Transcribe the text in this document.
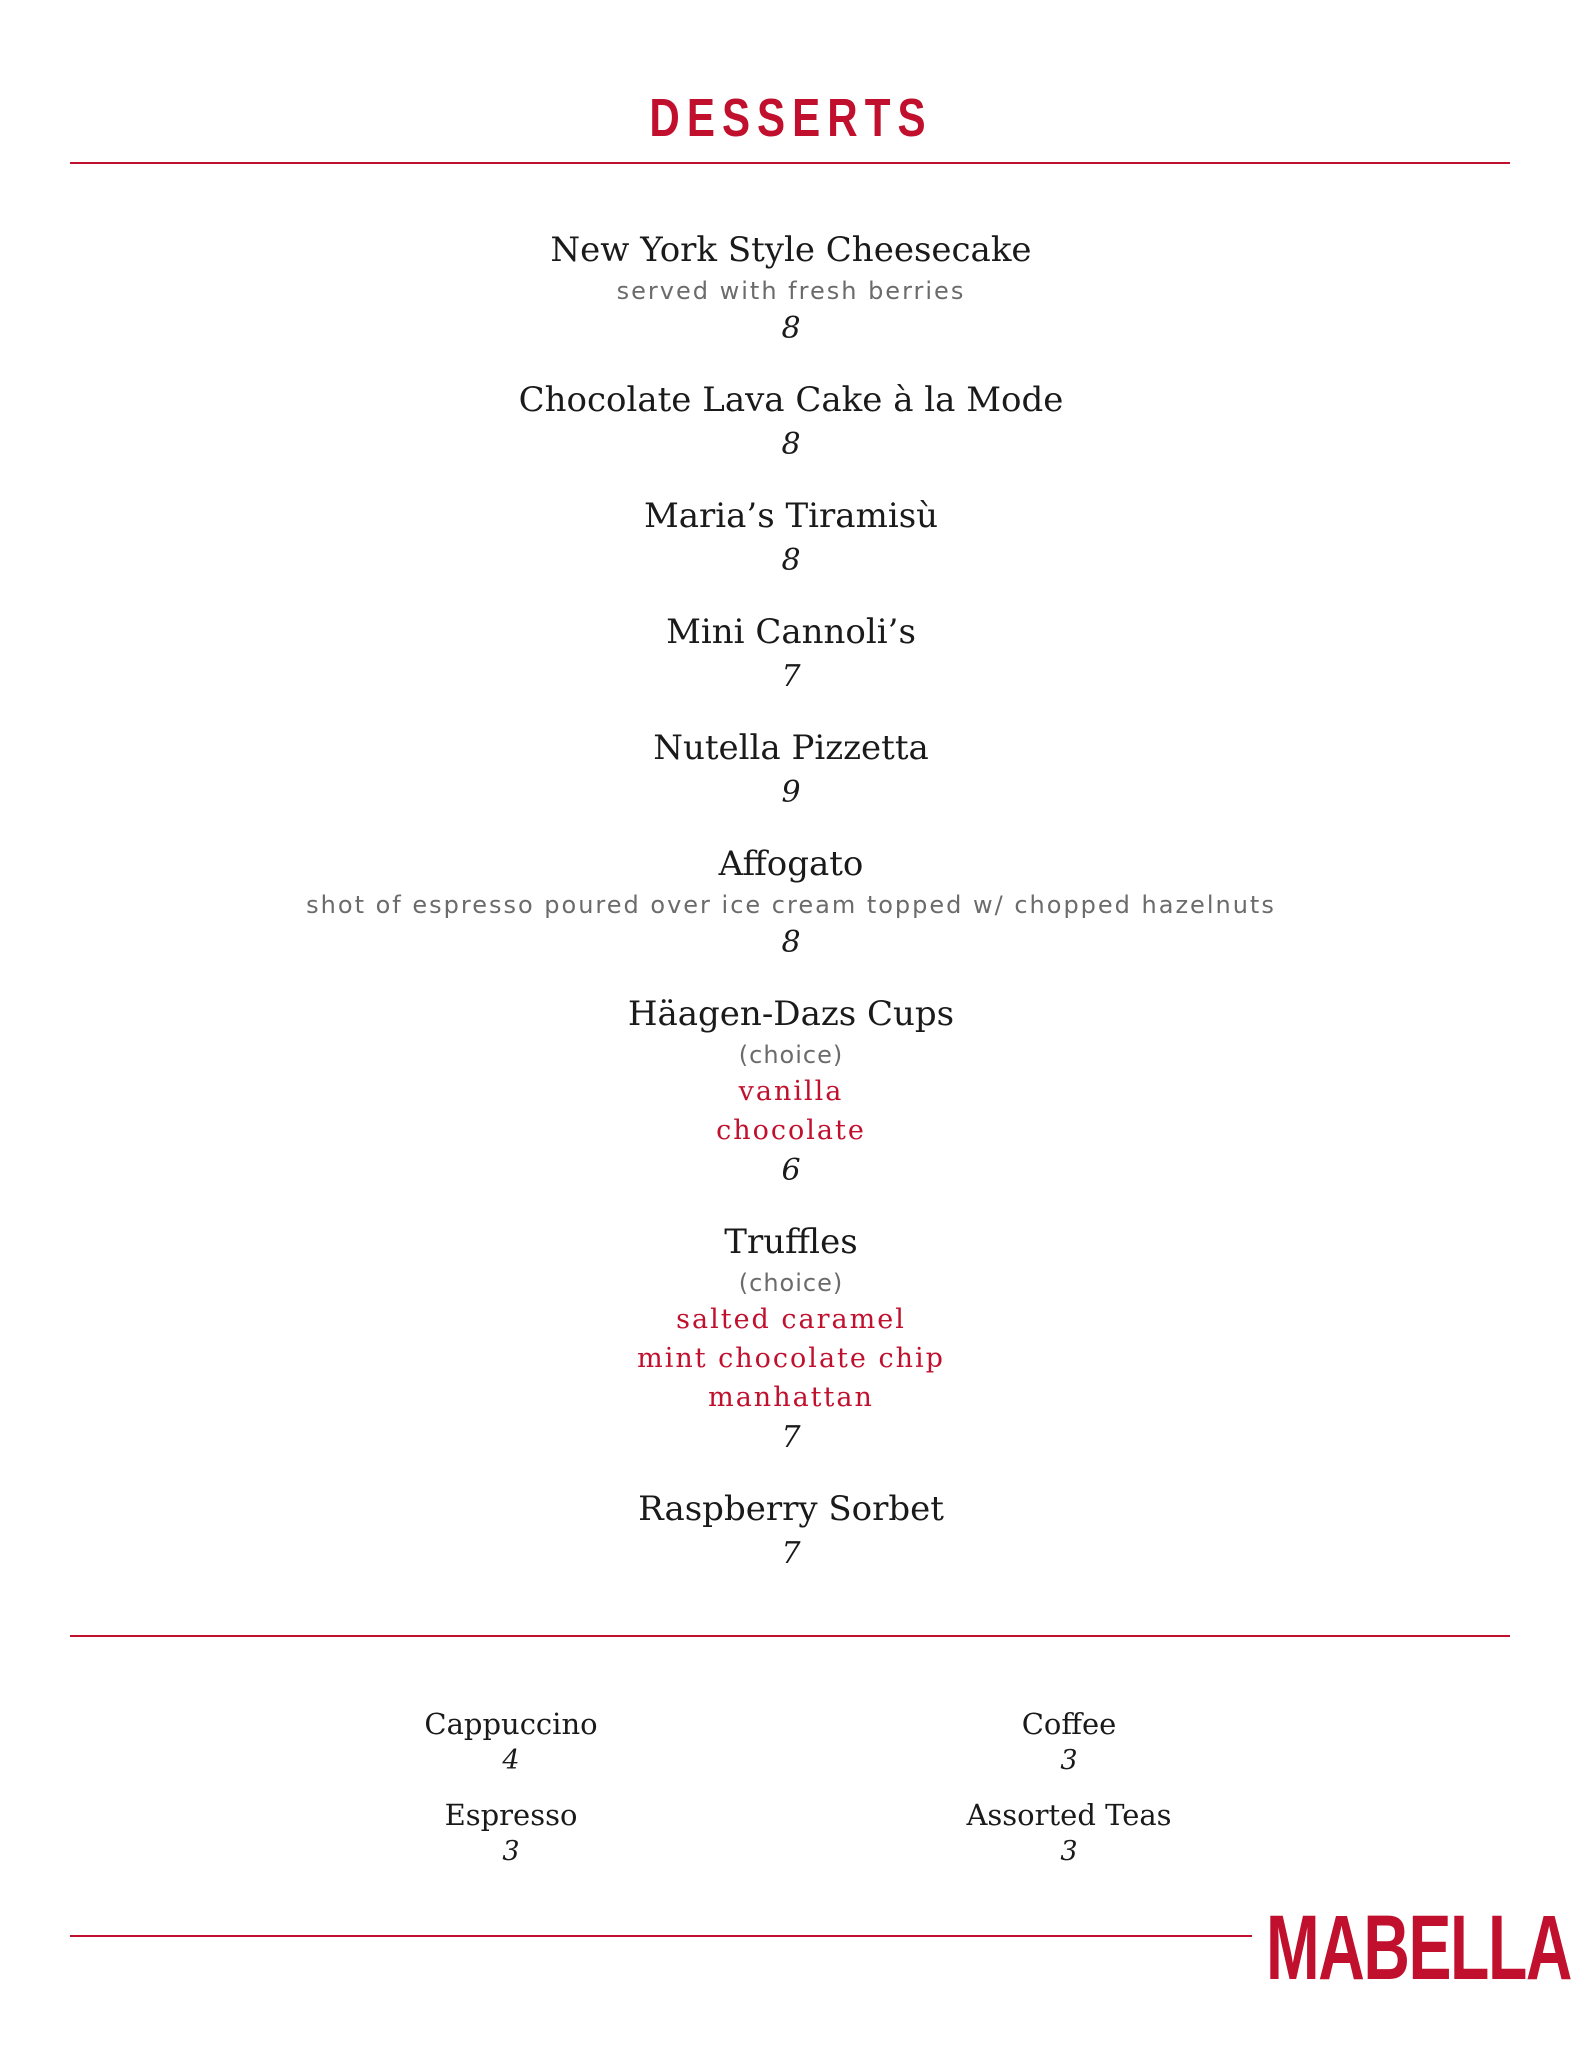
DESSERTS
New York Style Cheesecake
served with fresh berries
8
Chocolate Lava Cake à la Mode
8
Maria’s Tiramisù
8
Mini Cannoli’s
7
Nutella Pizzetta
9
Affogato
shot of espresso poured over ice cream topped w/ chopped hazelnuts
8
Häagen-Dazs Cups
(choice)
vanilla
chocolate
6
Truffles
(choice)
salted caramel
mint chocolate chip
manhattan
7
Raspberry Sorbet
7
Cappuccino
4
Coffee
3
Espresso
3
Assorted Teas
3
MABELLA
